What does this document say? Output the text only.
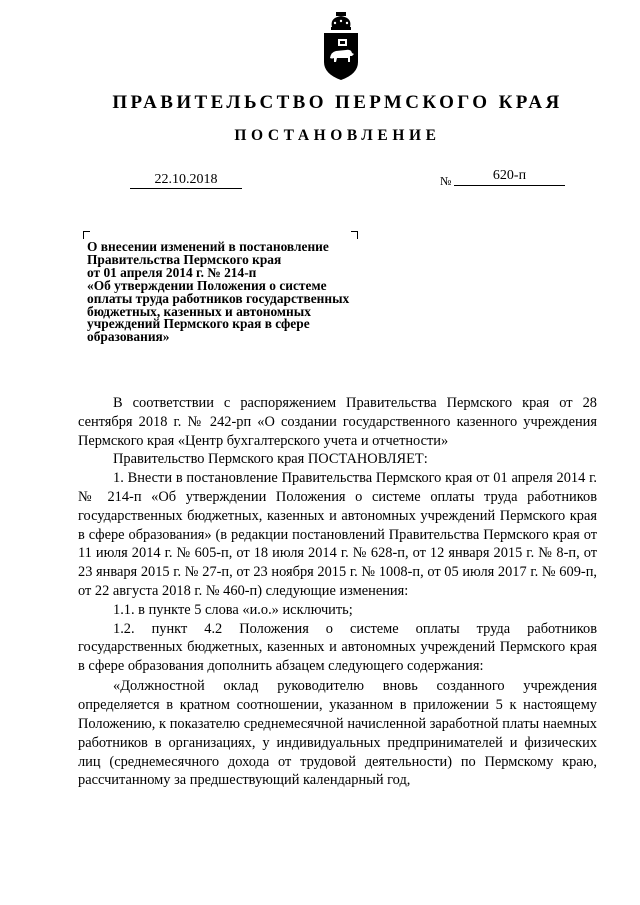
ПРАВИТЕЛЬСТВО ПЕРМСКОГО КРАЯ
ПОСТАНОВЛЕНИЕ
22.10.2018	№	620-п
О внесении изменений в постановление
Правительства Пермского края
от 01 апреля 2014 г. № 214-п
«Об утверждении Положения о системе
оплаты труда работников государственных
бюджетных, казенных и автономных
учреждений Пермского края в сфере
образования»

В соответствии с распоряжением Правительства Пермского края от 28 сентября 2018 г. № 242-рп «О создании государственного казенного учреждения Пермского края «Центр бухгалтерского учета и отчетности»

Правительство Пермского края ПОСТАНОВЛЯЕТ:

1. Внести в постановление Правительства Пермского края от 01 апреля 2014 г. № 214-п «Об утверждении Положения о системе оплаты труда работников государственных бюджетных, казенных и автономных учреждений Пермского края в сфере образования» (в редакции постановлений Правительства Пермского края от 11 июля 2014 г. № 605-п, от 18 июля 2014 г. № 628-п, от 12 января 2015 г. № 8-п, от 23 января 2015 г. № 27-п, от 23 ноября 2015 г. № 1008-п, от 05 июля 2017 г. № 609-п, от 22 августа 2018 г. № 460-п) следующие изменения:

1.1. в пункте 5 слова «и.о.» исключить;

1.2. пункт 4.2 Положения о системе оплаты труда работников государственных бюджетных, казенных и автономных учреждений Пермского края в сфере образования дополнить абзацем следующего содержания:

«Должностной оклад руководителю вновь созданного учреждения определяется в кратном соотношении, указанном в приложении 5 к настоящему Положению, к показателю среднемесячной начисленной заработной платы наемных работников в организациях, у индивидуальных предпринимателей и физических лиц (среднемесячного дохода от трудовой деятельности) по Пермскому краю, рассчитанному за предшествующий календарный год,
